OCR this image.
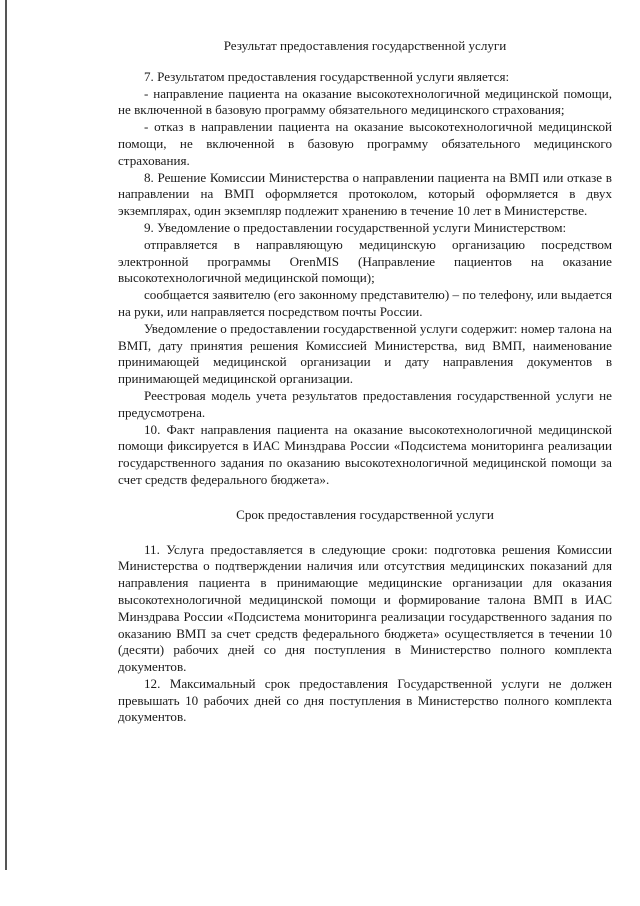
Результат предоставления государственной услуги

7. Результатом предоставления государственной услуги является:

- направление пациента на оказание высокотехнологичной медицинской помощи, не включенной в базовую программу обязательного медицинского страхования;

- отказ в направлении пациента на оказание высокотехнологичной медицинской помощи, не включенной в базовую программу обязательного медицинского страхования.

8. Решение Комиссии Министерства о направлении пациента на ВМП или отказе в направлении на ВМП оформляется протоколом, который оформляется в двух экземплярах, один экземпляр подлежит хранению в течение 10 лет в Министерстве.

9. Уведомление о предоставлении государственной услуги Министерством:

отправляется в направляющую медицинскую организацию посредством электронной программы OrenMIS (Направление пациентов на оказание высокотехнологичной медицинской помощи);

сообщается заявителю (его законному представителю) – по телефону, или выдается на руки, или направляется посредством почты России.

Уведомление о предоставлении государственной услуги содержит: номер талона на ВМП, дату принятия решения Комиссией Министерства, вид ВМП, наименование принимающей медицинской организации и дату направления документов в принимающей медицинской организации.

Реестровая модель учета результатов предоставления государственной услуги не предусмотрена.

10. Факт направления пациента на оказание высокотехнологичной медицинской помощи фиксируется в ИАС Минздрава России «Подсистема мониторинга реализации государственного задания по оказанию высокотехнологичной медицинской помощи за счет средств федерального бюджета».

Срок предоставления государственной услуги

11. Услуга предоставляется в следующие сроки: подготовка решения Комиссии Министерства о подтверждении наличия или отсутствия медицинских показаний для направления пациента в принимающие медицинские организации для оказания высокотехнологичной медицинской помощи и формирование талона ВМП в ИАС Минздрава России «Подсистема мониторинга реализации государственного задания по оказанию ВМП за счет средств федерального бюджета» осуществляется в течении 10 (десяти) рабочих дней со дня поступления в Министерство полного комплекта документов.

12. Максимальный срок предоставления Государственной услуги не должен превышать 10 рабочих дней со дня поступления в Министерство полного комплекта документов.
